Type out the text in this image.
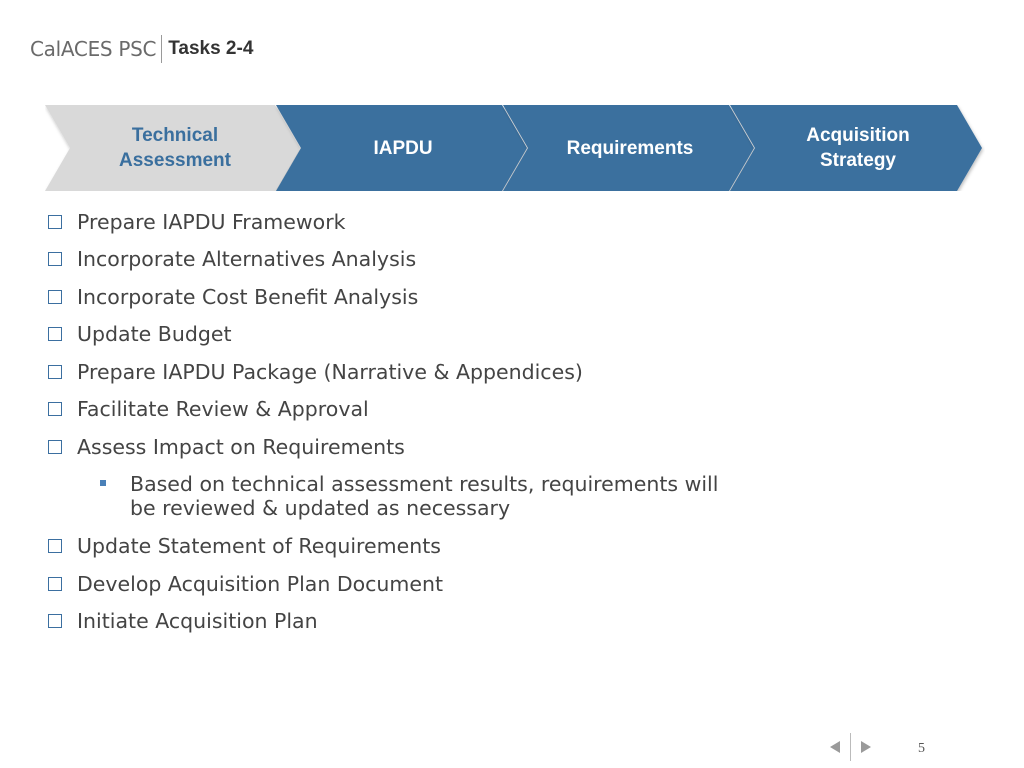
CalACES PSC Tasks 2-4
Technical
Assessment
IAPDU	Requirements
Acquisition
Strategy
Prepare IAPDU Framework
Incorporate Alternatives Analysis
Incorporate Cost Benefit Analysis
Update Budget
Prepare IAPDU Package (Narrative & Appendices)
Facilitate Review & Approval
Assess Impact on Requirements
Based on technical assessment results, requirements will
be reviewed & updated as necessary
Update Statement of Requirements
Develop Acquisition Plan Document
Initiate Acquisition Plan
5
